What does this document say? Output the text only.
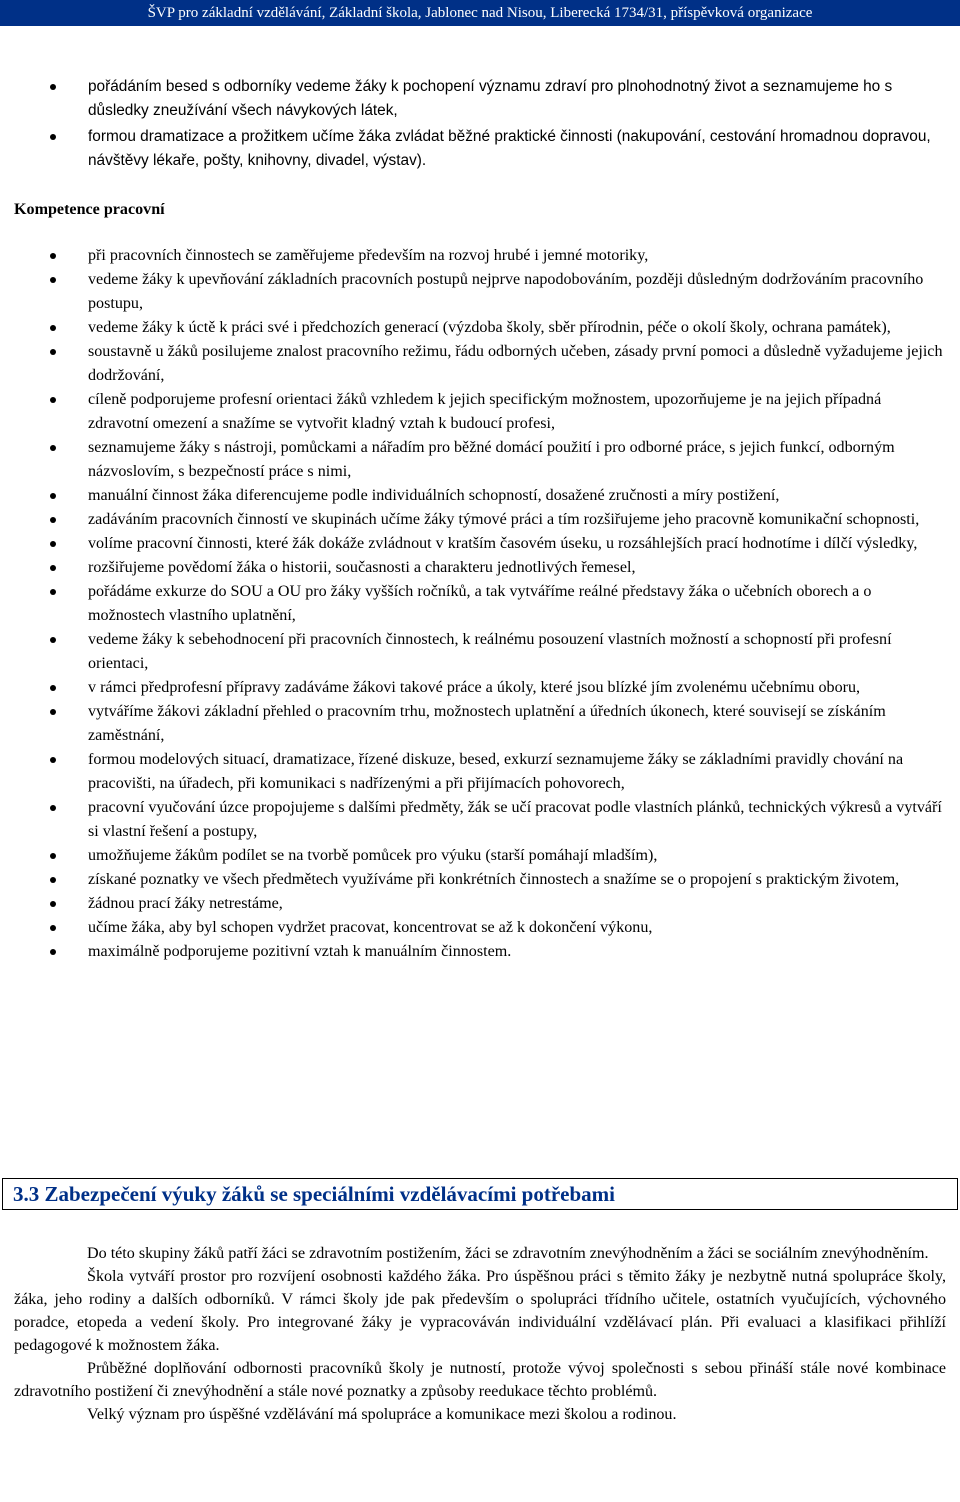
ŠVP pro základní vzdělávání, Základní škola, Jablonec nad Nisou, Liberecká 1734/31, příspěvková organizace
pořádáním besed s odborníky vedeme žáky k pochopení významu zdraví pro plnohodnotný život a seznamujeme ho s důsledky zneužívání všech návykových látek,
formou dramatizace a prožitkem učíme žáka zvládat běžné praktické činnosti (nakupování, cestování hromadnou dopravou, návštěvy lékaře, pošty, knihovny, divadel, výstav).
Kompetence pracovní
při pracovních činnostech se zaměřujeme především na rozvoj hrubé i jemné motoriky,
vedeme žáky k upevňování základních pracovních postupů nejprve napodobováním, později důsledným dodržováním pracovního postupu,
vedeme žáky k úctě k práci své i předchozích generací (výzdoba školy, sběr přírodnin, péče o okolí školy, ochrana památek),
soustavně u žáků posilujeme znalost pracovního režimu, řádu odborných učeben, zásady první pomoci a důsledně vyžadujeme jejich dodržování,
cíleně podporujeme profesní orientaci žáků vzhledem k jejich specifickým možnostem, upozorňujeme je na jejich případná zdravotní omezení a snažíme se vytvořit kladný vztah k budoucí profesi,
seznamujeme žáky s nástroji, pomůckami a nářadím pro běžné domácí použití i pro odborné práce, s jejich funkcí, odborným názvoslovím, s bezpečností práce s nimi,
manuální činnost žáka diferencujeme podle individuálních schopností, dosažené zručnosti a míry postižení,
zadáváním pracovních činností ve skupinách učíme žáky týmové práci a tím rozšiřujeme jeho pracovně komunikační schopnosti,
volíme pracovní činnosti, které žák dokáže zvládnout v kratším časovém úseku, u rozsáhlejších prací hodnotíme i dílčí výsledky,
rozšiřujeme povědomí žáka o historii, současnosti a charakteru jednotlivých řemesel,
pořádáme exkurze do SOU a OU pro žáky vyšších ročníků, a tak vytváříme reálné představy žáka o učebních oborech a o možnostech vlastního uplatnění,
vedeme žáky k sebehodnocení při pracovních činnostech, k reálnému posouzení vlastních možností a schopností při profesní orientaci,
v rámci předprofesní přípravy zadáváme žákovi takové práce a úkoly, které jsou blízké jím zvolenému učebnímu oboru,
vytváříme žákovi základní přehled o pracovním trhu, možnostech uplatnění a úředních úkonech, které souvisejí se získáním zaměstnání,
formou modelových situací, dramatizace, řízené diskuze, besed, exkurzí seznamujeme žáky se základními pravidly chování na pracovišti, na úřadech, při komunikaci s nadřízenými a při přijímacích pohovorech,
pracovní vyučování úzce propojujeme s dalšími předměty, žák se učí pracovat podle vlastních plánků, technických výkresů a vytváří si vlastní řešení a postupy,
umožňujeme žákům podílet se na tvorbě pomůcek pro výuku (starší pomáhají mladším),
získané poznatky ve všech předmětech využíváme při konkrétních činnostech a snažíme se o propojení s praktickým životem,
žádnou prací žáky netrestáme,
učíme žáka, aby byl schopen vydržet pracovat, koncentrovat se až k dokončení výkonu,
maximálně podporujeme pozitivní vztah k manuálním činnostem.
3.3 Zabezpečení výuky žáků se speciálními vzdělávacími potřebami

Do této skupiny žáků patří žáci se zdravotním postižením, žáci se zdravotním znevýhodněním a žáci se sociálním znevýhodněním.

Škola vytváří prostor pro rozvíjení osobnosti každého žáka. Pro úspěšnou práci s těmito žáky je nezbytně nutná spolupráce školy, žáka, jeho rodiny a dalších odborníků. V rámci školy jde pak především o spolupráci třídního učitele, ostatních vyučujících, výchovného poradce, etopeda a vedení školy. Pro integrované žáky je vypracováván individuální vzdělávací plán. Při evaluaci a klasifikaci přihlíží pedagogové k možnostem žáka.

Průběžné doplňování odbornosti pracovníků školy je nutností, protože vývoj společnosti s sebou přináší stále nové kombinace zdravotního postižení či znevýhodnění a stále nové poznatky a způsoby reedukace těchto problémů.

Velký význam pro úspěšné vzdělávání má spolupráce a komunikace mezi školou a rodinou.
